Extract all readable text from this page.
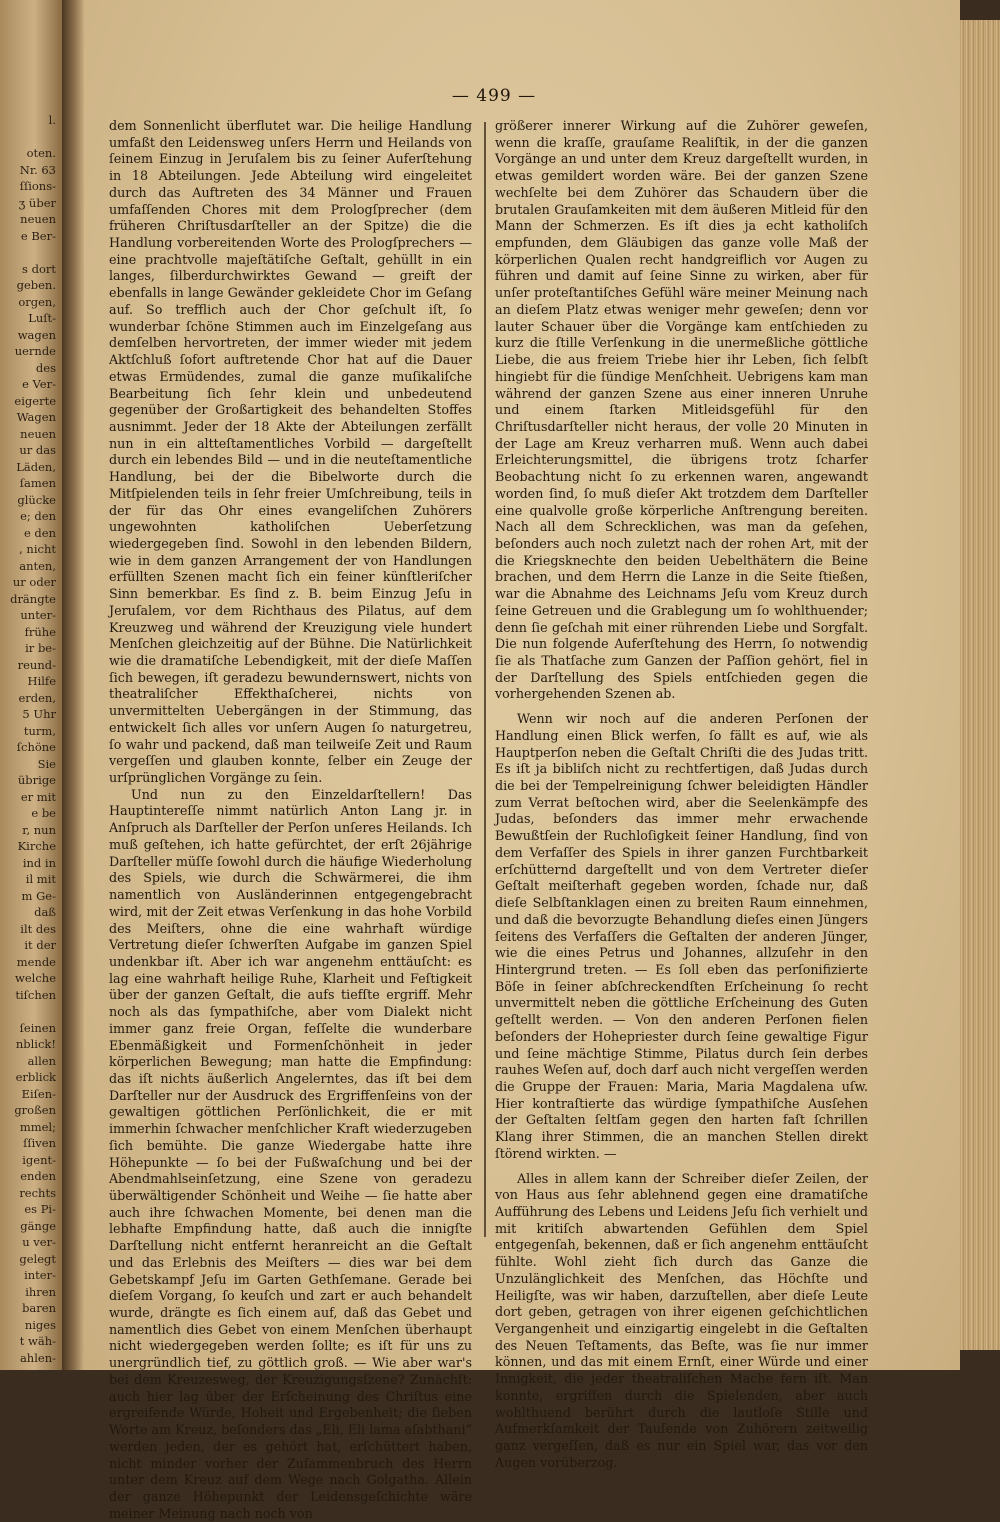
l.
oten.
Nr. 63
ſſions-
ʒ über
neuen
e Ber-
s dort
geben.
orgen,
Luſt-
wagen
uernde
des
e Ver-
eigerte
Wagen
neuen
ur das
Läden,
ſamen
glücke
e; den
e den
, nicht
anten,
ur oder
drängte
unter-
frühe
ir be-
reund-
Hilfe
erden,
5 Uhr
turm,
ſchöne
Sie
übrige
er mit
e be
r, nun
Kirche
ind in
il mit
m Ge-
daß
ilt des
it der
mende
welche
tiſchen
ſeinen
nblick!
allen
erblick
Eiſen-
großen
mmel;
ſſiven
igent-
enden
rechts
es Pi-
gänge
u ver-
gelegt
inter-
ihren
baren
niges
t wäh-
ahlen-
— 499 —

dem Sonnenlicht überflutet war. Die heilige Handlung umfaßt den Leidensweg unſers Herrn und Heilands von ſeinem Einzug in Jeruſalem bis zu ſeiner Auferſtehung in 18 Abteilungen. Jede Abteilung wird eingeleitet durch das Auftreten des 34 Männer und Frauen umfaſſenden Chores mit dem Prologſprecher (dem früheren Chriſtusdarſteller an der Spitze) die die Handlung vorbereitenden Worte des Prologſprechers — eine prachtvolle majeſtätiſche Geſtalt, gehüllt in ein langes, ſilberdurchwirktes Gewand — greift der ebenfalls in lange Gewänder gekleidete Chor im Geſang auf. So trefflich auch der Chor geſchult iſt, ſo wunderbar ſchöne Stimmen auch im Einzelgeſang aus demſelben hervortreten, der immer wieder mit jedem Aktſchluß ſofort auftretende Chor hat auf die Dauer etwas Ermüdendes, zumal die ganze muſikaliſche Bearbeitung ſich ſehr klein und unbedeutend gegenüber der Großartigkeit des behandelten Stoffes ausnimmt. Jeder der 18 Akte der Abteilungen zerfällt nun in ein altteſtamentliches Vorbild — dargeſtellt durch ein lebendes Bild — und in die neuteſtamentliche Handlung, bei der die Bibelworte durch die Mitſpielenden teils in ſehr freier Umſchreibung, teils in der für das Ohr eines evangeliſchen Zuhörers ungewohnten katholiſchen Ueberſetzung wiedergegeben ſind. Sowohl in den lebenden Bildern, wie in dem ganzen Arrangement der von Handlungen erfüllten Szenen macht ſich ein feiner künſtleriſcher Sinn bemerkbar. Es ſind z. B. beim Einzug Jeſu in Jeruſalem, vor dem Richthaus des Pilatus, auf dem Kreuzweg und während der Kreuzigung viele hundert Menſchen gleichzeitig auf der Bühne. Die Natürlichkeit wie die dramatiſche Lebendigkeit, mit der dieſe Maſſen ſich bewegen, iſt geradezu bewundernswert, nichts von theatraliſcher Effekthaſcherei, nichts von unvermittelten Uebergängen in der Stimmung, das entwickelt ſich alles vor unſern Augen ſo naturgetreu, ſo wahr und packend, daß man teilweiſe Zeit und Raum vergeſſen und glauben konnte, ſelber ein Zeuge der urſprünglichen Vorgänge zu ſein.

Und nun zu den Einzeldarſtellern! Das Hauptintereſſe nimmt natürlich Anton Lang jr. in Anſpruch als Darſteller der Perſon unſeres Heilands. Ich muß geſtehen, ich hatte gefürchtet, der erſt 26jährige Darſteller müſſe ſowohl durch die häufige Wiederholung des Spiels, wie durch die Schwärmerei, die ihm namentlich von Ausländerinnen entgegengebracht wird, mit der Zeit etwas Verſenkung in das hohe Vorbild des Meiſters, ohne die eine wahrhaft würdige Vertretung dieſer ſchwerſten Aufgabe im ganzen Spiel undenkbar iſt. Aber ich war angenehm enttäuſcht: es lag eine wahrhaft heilige Ruhe, Klarheit und Feſtigkeit über der ganzen Geſtalt, die aufs tiefſte ergriff. Mehr noch als das ſympathiſche, aber vom Dialekt nicht immer ganz freie Organ, feſſelte die wunderbare Ebenmäßigkeit und Formenſchönheit in jeder körperlichen Bewegung; man hatte die Empfindung: das iſt nichts äußerlich Angelerntes, das iſt bei dem Darſteller nur der Ausdruck des Ergriffenſeins von der gewaltigen göttlichen Perſönlichkeit, die er mit immerhin ſchwacher menſchlicher Kraft wiederzugeben ſich bemühte. Die ganze Wiedergabe hatte ihre Höhepunkte — ſo bei der Fußwaſchung und bei der Abendmahlseinſetzung, eine Szene von geradezu überwältigender Schönheit und Weihe — ſie hatte aber auch ihre ſchwachen Momente, bei denen man die lebhafte Empfindung hatte, daß auch die innigſte Darſtellung nicht entfernt heranreicht an die Geſtalt und das Erlebnis des Meiſters — dies war bei dem Gebetskampf Jeſu im Garten Gethſemane. Gerade bei dieſem Vorgang, ſo keuſch und zart er auch behandelt wurde, drängte es ſich einem auf, daß das Gebet und namentlich dies Gebet von einem Menſchen überhaupt nicht wiedergegeben werden ſollte; es iſt für uns zu unergründlich tief, zu göttlich groß. — Wie aber war's bei dem Kreuzesweg, der Kreuzigungsſzene? Zunächſt: auch hier lag über der Erſcheinung des Chriſtus eine ergreifende Würde, Hoheit und Ergebenheit; die ſieben Worte am Kreuz, beſonders das „Eli, Eli lama aſabthani“ werden jeden, der es gehört hat, erſchüttert haben, nicht minder vorher der Zuſammenbruch des Herrn unter dem Kreuz auf dem Wege nach Golgatha. Allein der ganze Höhepunkt der Leidensgeſchichte wäre meiner Meinung nach noch von

größerer innerer Wirkung auf die Zuhörer geweſen, wenn die kraſſe, grauſame Realiſtik, in der die ganzen Vorgänge an und unter dem Kreuz dargeſtellt wurden, in etwas gemildert worden wäre. Bei der ganzen Szene wechſelte bei dem Zuhörer das Schaudern über die brutalen Grauſamkeiten mit dem äußeren Mitleid für den Mann der Schmerzen. Es iſt dies ja echt katholiſch empfunden, dem Gläubigen das ganze volle Maß der körperlichen Qualen recht handgreiflich vor Augen zu führen und damit auf ſeine Sinne zu wirken, aber für unſer proteſtantiſches Gefühl wäre meiner Meinung nach an dieſem Platz etwas weniger mehr geweſen; denn vor lauter Schauer über die Vorgänge kam entſchieden zu kurz die ſtille Verſenkung in die unermeßliche göttliche Liebe, die aus freiem Triebe hier ihr Leben, ſich ſelbſt hingiebt für die ſündige Menſchheit. Uebrigens kam man während der ganzen Szene aus einer inneren Unruhe und einem ſtarken Mitleidsgefühl für den Chriſtusdarſteller nicht heraus, der volle 20 Minuten in der Lage am Kreuz verharren muß. Wenn auch dabei Erleichterungsmittel, die übrigens trotz ſcharfer Beobachtung nicht ſo zu erkennen waren, angewandt worden ſind, ſo muß dieſer Akt trotzdem dem Darſteller eine qualvolle große körperliche Anſtrengung bereiten. Nach all dem Schrecklichen, was man da geſehen, beſonders auch noch zuletzt nach der rohen Art, mit der die Kriegsknechte den beiden Uebelthätern die Beine brachen, und dem Herrn die Lanze in die Seite ſtießen, war die Abnahme des Leichnams Jeſu vom Kreuz durch ſeine Getreuen und die Grablegung um ſo wohlthuender; denn ſie geſchah mit einer rührenden Liebe und Sorgfalt. Die nun folgende Auferſtehung des Herrn, ſo notwendig ſie als Thatſache zum Ganzen der Paſſion gehört, fiel in der Darſtellung des Spiels entſchieden gegen die vorhergehenden Szenen ab.

Wenn wir noch auf die anderen Perſonen der Handlung einen Blick werfen, ſo fällt es auf, wie als Hauptperſon neben die Geſtalt Chriſti die des Judas tritt. Es iſt ja bibliſch nicht zu rechtfertigen, daß Judas durch die bei der Tempelreinigung ſchwer beleidigten Händler zum Verrat beſtochen wird, aber die Seelenkämpfe des Judas, beſonders das immer mehr erwachende Bewußtſein der Ruchloſigkeit ſeiner Handlung, ſind von dem Verfaſſer des Spiels in ihrer ganzen Furchtbarkeit erſchütternd dargeſtellt und von dem Vertreter dieſer Geſtalt meiſterhaft gegeben worden, ſchade nur, daß dieſe Selbſtanklagen einen zu breiten Raum einnehmen, und daß die bevorzugte Behandlung dieſes einen Jüngers ſeitens des Verfaſſers die Geſtalten der anderen Jünger, wie die eines Petrus und Johannes, allzuſehr in den Hintergrund treten. — Es ſoll eben das perſonifizierte Böſe in ſeiner abſchreckendſten Erſcheinung ſo recht unvermittelt neben die göttliche Erſcheinung des Guten geſtellt werden. — Von den anderen Perſonen fielen beſonders der Hohepriester durch ſeine gewaltige Figur und ſeine mächtige Stimme, Pilatus durch ſein derbes rauhes Weſen auf, doch darf auch nicht vergeſſen werden die Gruppe der Frauen: Maria, Maria Magdalena uſw. Hier kontraſtierte das würdige ſympathiſche Ausſehen der Geſtalten ſeltſam gegen den harten faſt ſchrillen Klang ihrer Stimmen, die an manchen Stellen direkt ſtörend wirkten. —

Alles in allem kann der Schreiber dieſer Zeilen, der von Haus aus ſehr ablehnend gegen eine dramatiſche Aufführung des Lebens und Leidens Jeſu ſich verhielt und mit kritiſch abwartenden Gefühlen dem Spiel entgegenſah, bekennen, daß er ſich angenehm enttäuſcht fühlte. Wohl zieht ſich durch das Ganze die Unzulänglichkeit des Menſchen, das Höchſte und Heiligſte, was wir haben, darzuſtellen, aber dieſe Leute dort geben, getragen von ihrer eigenen geſchichtlichen Vergangenheit und einzigartig eingelebt in die Geſtalten des Neuen Teſtaments, das Beſte, was ſie nur immer können, und das mit einem Ernſt, einer Würde und einer Innigkeit, die jeder theatraliſchen Mache fern iſt. Man konnte, ergriffen durch die Spielenden, aber auch wohlthuend berührt durch die lautloſe Stille und Aufmerkſamkeit der Tauſende von Zuhörern zeitweilig ganz vergeſſen, daß es nur ein Spiel war, das vor den Augen vorüberzog.
